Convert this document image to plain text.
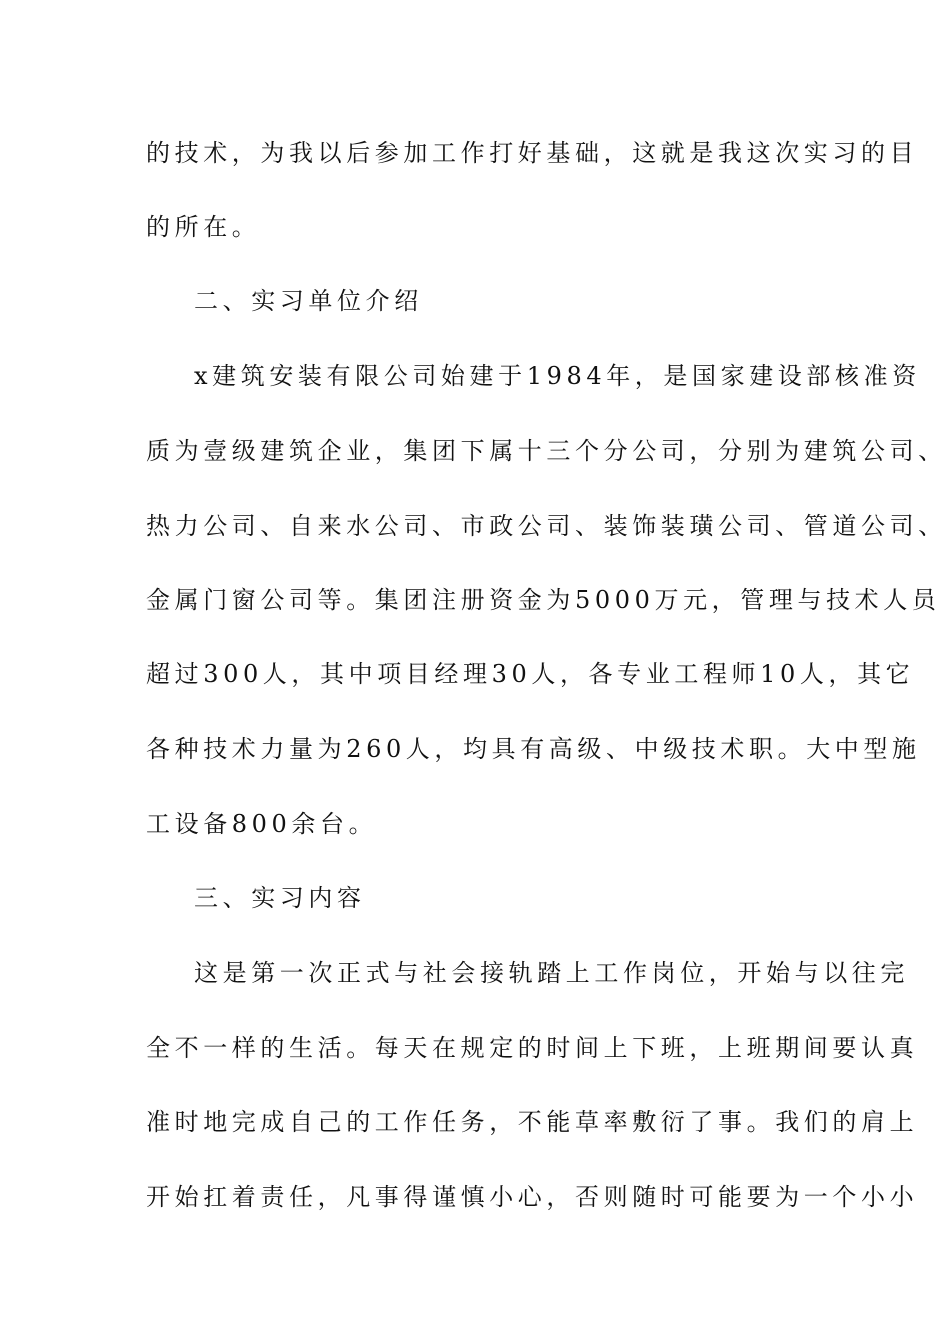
的技术，为我以后参加工作打好基础，这就是我这次实习的目
的所在。
二、实习单位介绍
x建筑安装有限公司始建于1984年，是国家建设部核准资
质为壹级建筑企业，集团下属十三个分公司，分别为建筑公司、
热力公司、自来水公司、市政公司、装饰装璜公司、管道公司、
金属门窗公司等。集团注册资金为5000万元，管理与技术人员
超过300人，其中项目经理30人，各专业工程师10人，其它
各种技术力量为260人，均具有高级、中级技术职。大中型施
工设备800余台。
三、实习内容
这是第一次正式与社会接轨踏上工作岗位，开始与以往完
全不一样的生活。每天在规定的时间上下班，上班期间要认真
准时地完成自己的工作任务，不能草率敷衍了事。我们的肩上
开始扛着责任，凡事得谨慎小心，否则随时可能要为一个小小
